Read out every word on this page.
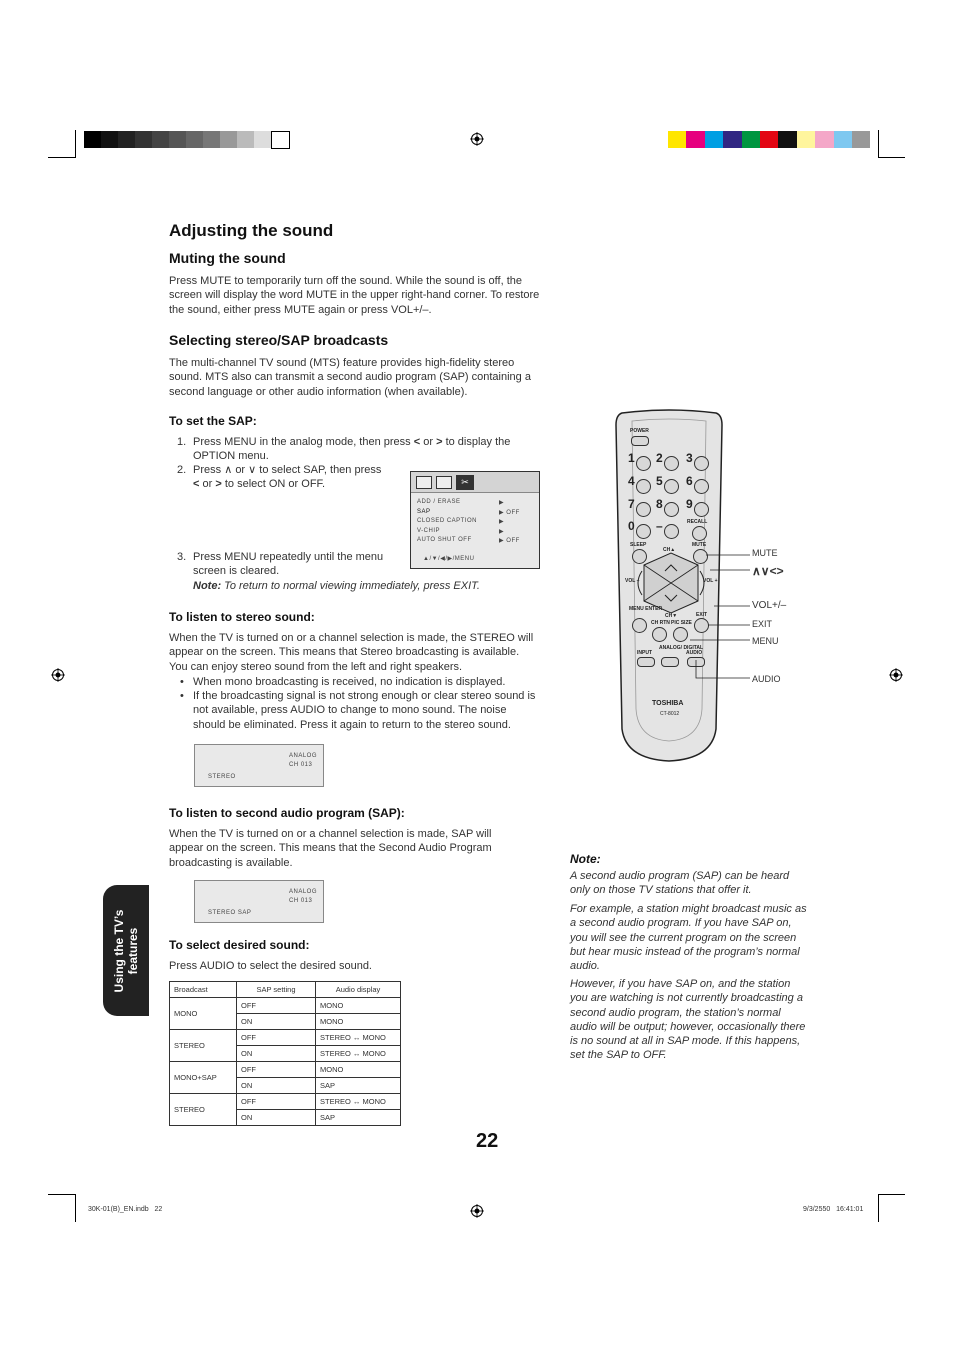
Adjusting the sound
Muting the sound

Press MUTE to temporarily turn off the sound. While the sound is off, the screen will display the word MUTE in the upper right-hand corner. To restore the sound, either press MUTE again or press VOL+/–.

Selecting stereo/SAP broadcasts

The multi-channel TV sound (MTS) feature provides high-fidelity stereo sound. MTS also can transmit a second audio program (SAP) containing a second language or other audio information (when available).

To set the SAP:
1. Press MENU in the analog mode, then press < or > to display the
OPTION menu.
2. Press ∧ or ∨ to select SAP, then press
< or > to select ON or OFF.	✂
▲/▼/◀/▶/MENU
ADD / ERASE	▶
SAP	▶ OFF
CLOSED CAPTION	▶
V-CHIP	▶
AUTO SHUT OFF	▶ OFF
3. Press MENU repeatedly until the menu
screen is cleared.
Note: To return to normal viewing immediately, press EXIT.
To listen to stereo sound:

When the TV is turned on or a channel selection is made, the STEREO will appear on the screen. This means that Stereo broadcasting is available. You can enjoy stereo sound from the left and right speakers.

• When mono broadcasting is received, no indication is displayed.
• If the broadcasting signal is not strong enough or clear stereo sound is not available, press AUDIO to change to mono sound. The noise should be eliminated. Press it again to return to the stereo sound.
ANALOG
CH 013
STEREO
To listen to second audio program (SAP):

When the TV is turned on or a channel selection is made, SAP will appear on the screen. This means that the Second Audio Program broadcasting is available.

ANALOG
CH 013
STEREO SAP
To select desired sound:

Press AUDIO to select the desired sound.

Broadcast	SAP setting	Audio display
MONO	OFF	MONO
	ON	MONO
STEREO	OFF	STEREO ↔ MONO
	ON	STEREO ↔ MONO
MONO+SAP	OFF	MONO
	ON	SAP
STEREO	OFF	STEREO ↔ MONO
	ON	SAP
Using the TV’s features
POWER
1 2 3
4 5 6
7 8 9
0 –	RECALL
SLEEP
CH▲
MUTE
VOL –	VOL +
CH▼
MENU ENTER
CH RTN PIC SIZE
EXIT
INPUT
ANALOG/ DIGITAL
AUDIO
TOSHIBA
CT-8012
MUTE
∧∨<>
VOL+/–
EXIT
MENU
AUDIO
Note:

A second audio program (SAP) can be heard only on those TV stations that offer it.

For example, a station might broadcast music as a second audio program. If you have SAP on, you will see the current program on the screen but hear music instead of the program’s normal audio.

However, if you have SAP on, and the station you are watching is not currently broadcasting a second audio program, the station’s normal audio will be output; however, occasionally there is no sound at all in SAP mode. If this happens, set the SAP to OFF.

22
30K-01(B)_EN.indb   22	9/3/2550   16:41:01
